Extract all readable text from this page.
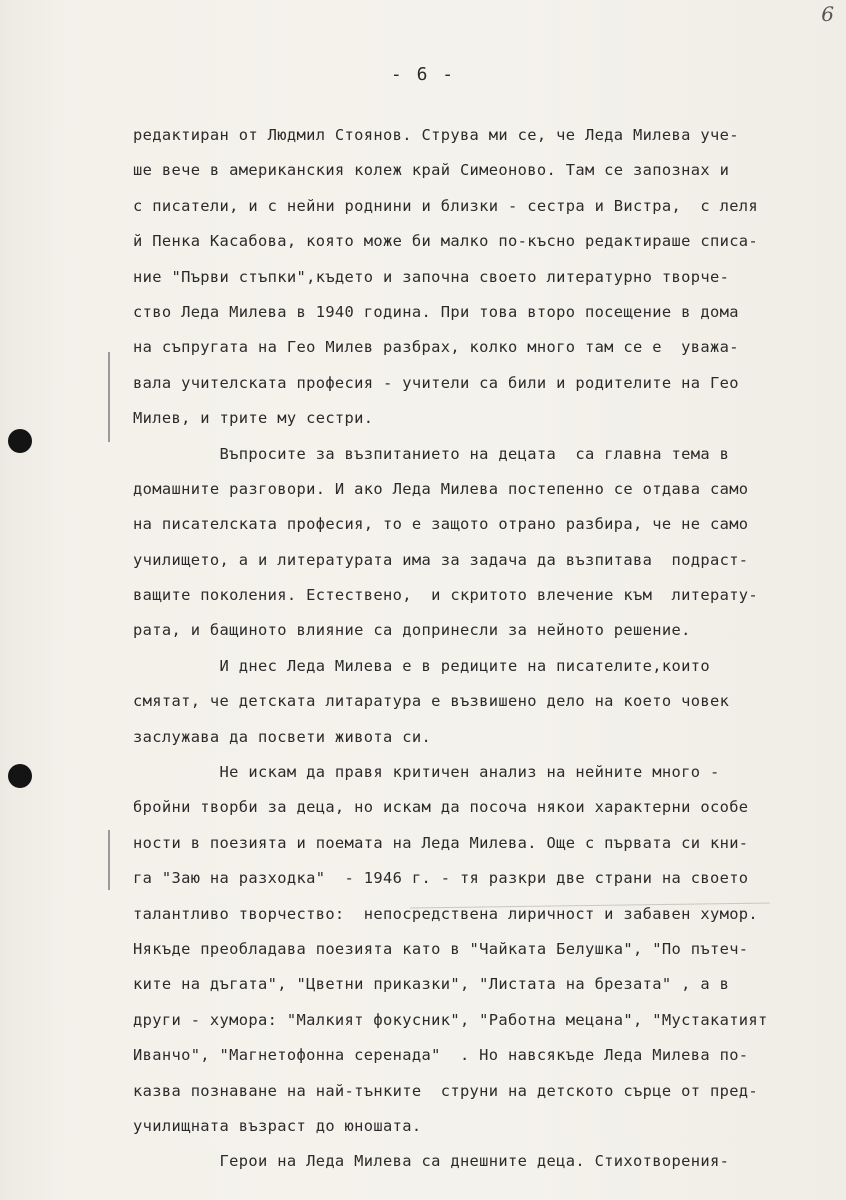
6
- 6 -
редактиран от Людмил Стоянов. Струва ми се, че Леда Милева уче-
ше вече в американския колеж край Симеоново. Там се запознах и
с писатели, и с нейни роднини и близки - сестра и Вистра,  с леля
й Пенка Касабова, която може би малко по-късно редактираше списа-
ние "Първи стъпки",където и започна своето литературно творче-
ство Леда Милева в 1940 година. При това второ посещение в дома
на съпругата на Гео Милев разбрах, колко много там се е  уважа-
вала учителската професия - учители са били и родителите на Гео
Милев, и трите му сестри.
Въпросите за възпитанието на децата  са главна тема в
домашните разговори. И ако Леда Милева постепенно се отдава само
на писателската професия, то е защото отрано разбира, че не само
училището, а и литературата има за задача да възпитава  подраст-
ващите поколения. Естествено,  и скритото влечение към  литерату-
рата, и бащиното влияние са допринесли за нейното решение.
И днес Леда Милева е в редиците на писателите,които
смятат, че детската литаратура е възвишено дело на което човек
заслужава да посвети живота си.
Не искам да правя критичен анализ на нейните много -
бройни творби за деца, но искам да посоча някои характерни особе
ности в поезията и поемата на Леда Милева. Още с първата си кни-
га "Заю на разходка"  - 1946 г. - тя разкри две страни на своето
талантливо творчество:  непосредствена лиричност и забавен хумор.
Някъде преобладава поезията като в "Чайката Белушка", "По пътеч-
ките на дъгата", "Цветни приказки", "Листата на брезата" , а в
други - хумора: "Малкият фокусник", "Работна мецана", "Мустакатият
Иванчо", "Магнетофонна серенада"  . Но навсякъде Леда Милева по-
казва познаване на най-тънките  струни на детското сърце от пред-
училищната възраст до юношата.
Герои на Леда Милева са днешните деца. Стихотворения-
